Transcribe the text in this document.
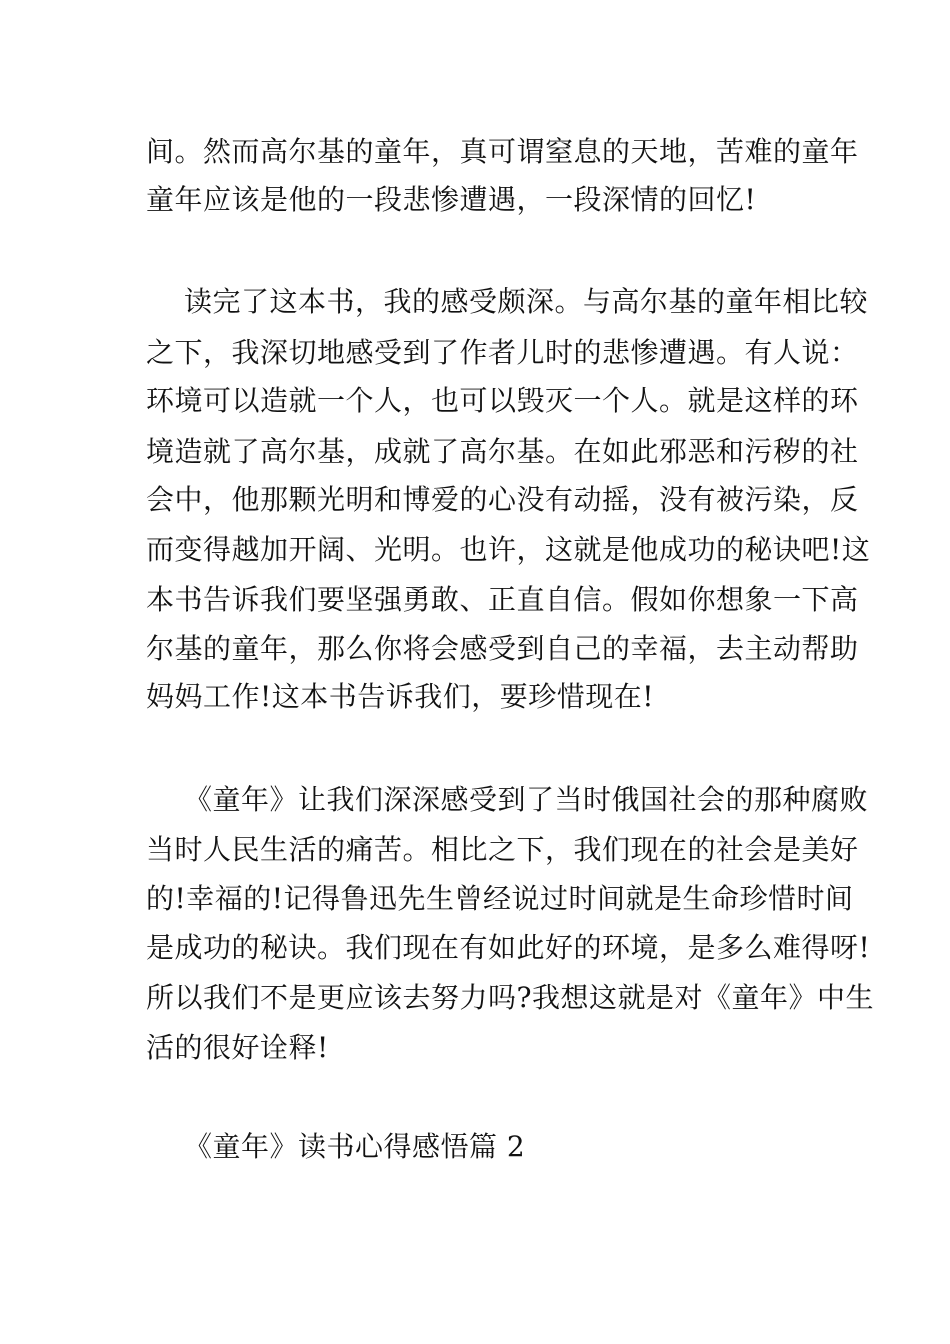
间。然而高尔基的童年，真可谓窒息的天地，苦难的童年
童年应该是他的一段悲惨遭遇，一段深情的回忆!
读完了这本书，我的感受颇深。与高尔基的童年相比较
之下，我深切地感受到了作者儿时的悲惨遭遇。有人说：
环境可以造就一个人，也可以毁灭一个人。就是这样的环
境造就了高尔基，成就了高尔基。在如此邪恶和污秽的社
会中，他那颗光明和博爱的心没有动摇，没有被污染，反
而变得越加开阔、光明。也许，这就是他成功的秘诀吧!这
本书告诉我们要坚强勇敢、正直自信。假如你想象一下高
尔基的童年，那么你将会感受到自己的幸福，去主动帮助
妈妈工作!这本书告诉我们，要珍惜现在!
《童年》让我们深深感受到了当时俄国社会的那种腐败
当时人民生活的痛苦。相比之下，我们现在的社会是美好
的!幸福的!记得鲁迅先生曾经说过时间就是生命珍惜时间
是成功的秘诀。我们现在有如此好的环境，是多么难得呀!
所以我们不是更应该去努力吗?我想这就是对《童年》中生
活的很好诠释!
《童年》读书心得感悟篇 2
